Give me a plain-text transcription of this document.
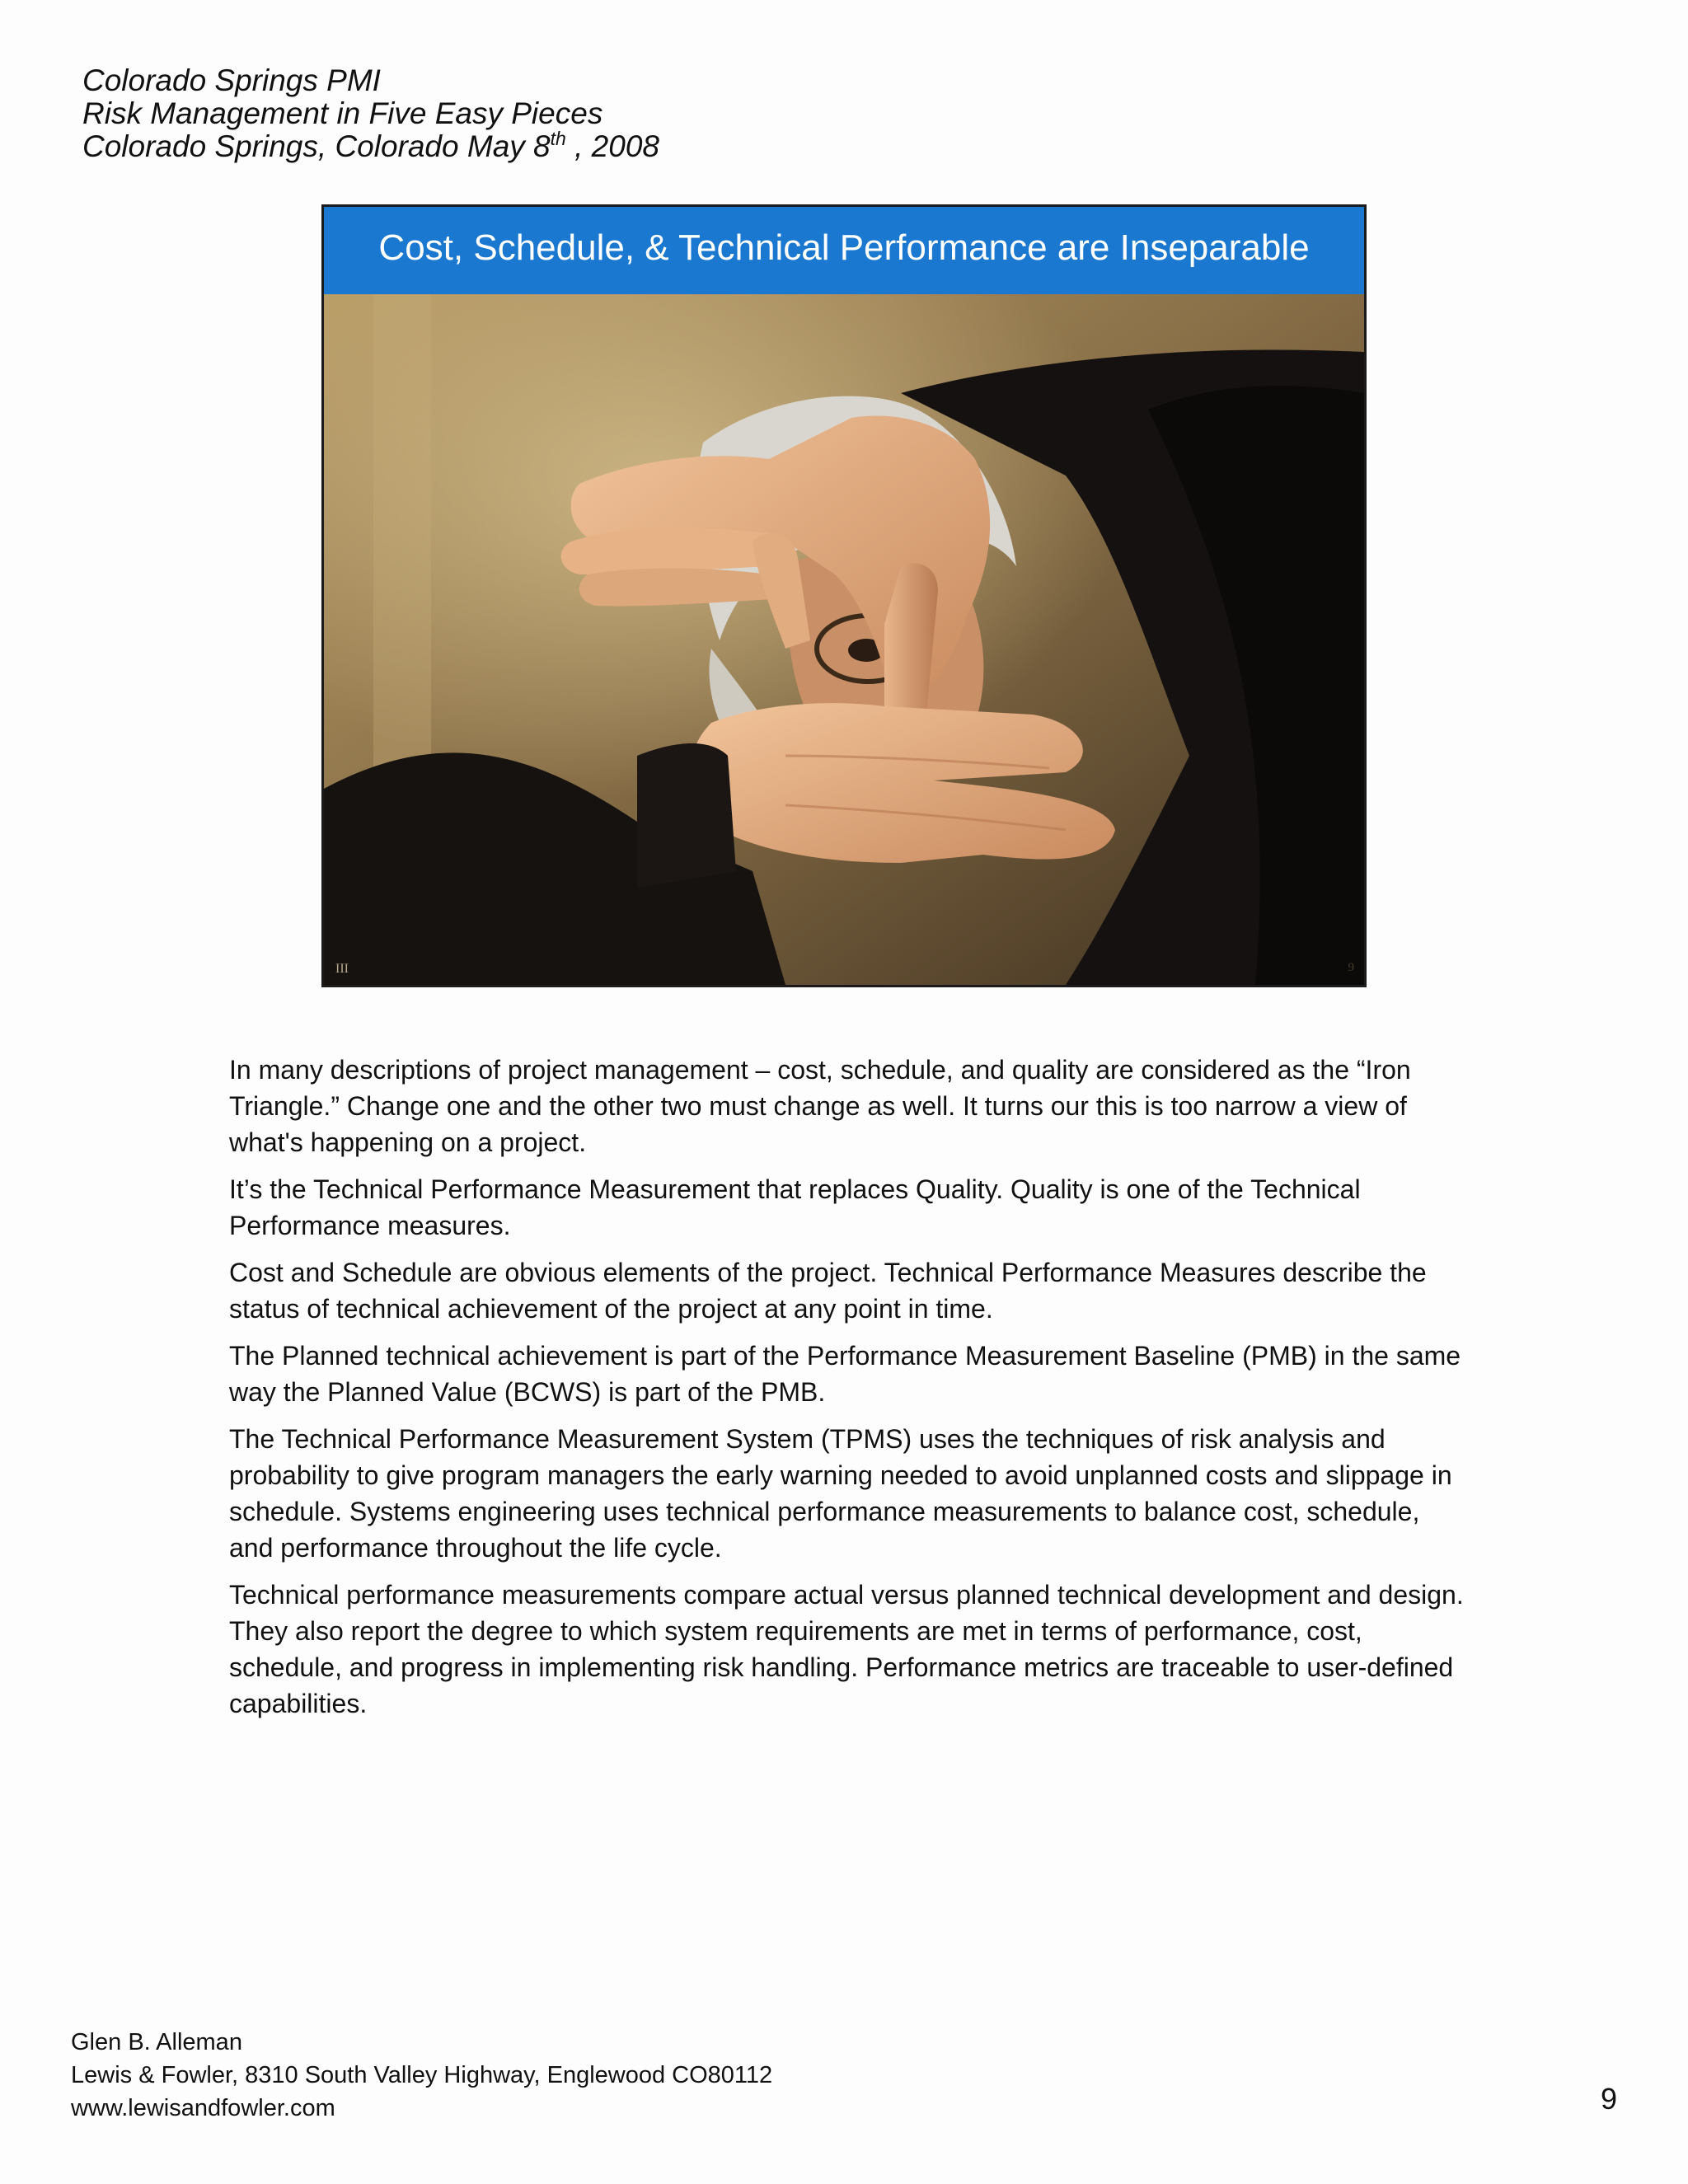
Colorado Springs PMI
Risk Management in Five Easy Pieces
Colorado Springs, Colorado May 8th , 2008
Cost, Schedule, & Technical Performance are Inseparable
III	9

In many descriptions of project management – cost, schedule, and quality are considered as the “Iron Triangle.” Change one and the other two must change as well. It turns our this is too narrow a view of what's happening on a project.

It’s the Technical Performance Measurement that replaces Quality. Quality is one of the Technical Performance measures.

Cost and Schedule are obvious elements of the project. Technical Performance Measures describe the status of technical achievement of the project at any point in time.

The Planned technical achievement is part of the Performance Measurement Baseline (PMB) in the same way the Planned Value (BCWS) is part of the PMB.

The Technical Performance Measurement System (TPMS) uses the techniques of risk analysis and probability to give program managers the early warning needed to avoid unplanned costs and slippage in schedule. Systems engineering uses technical performance measurements to balance cost, schedule, and performance throughout the life cycle.

Technical performance measurements compare actual versus planned technical development and design. They also report the degree to which system requirements are met in terms of performance, cost, schedule, and progress in implementing risk handling. Performance metrics are traceable to user-defined capabilities.

Glen B. Alleman
Lewis & Fowler, 8310 South Valley Highway, Englewood CO80112
www.lewisandfowler.com	9
